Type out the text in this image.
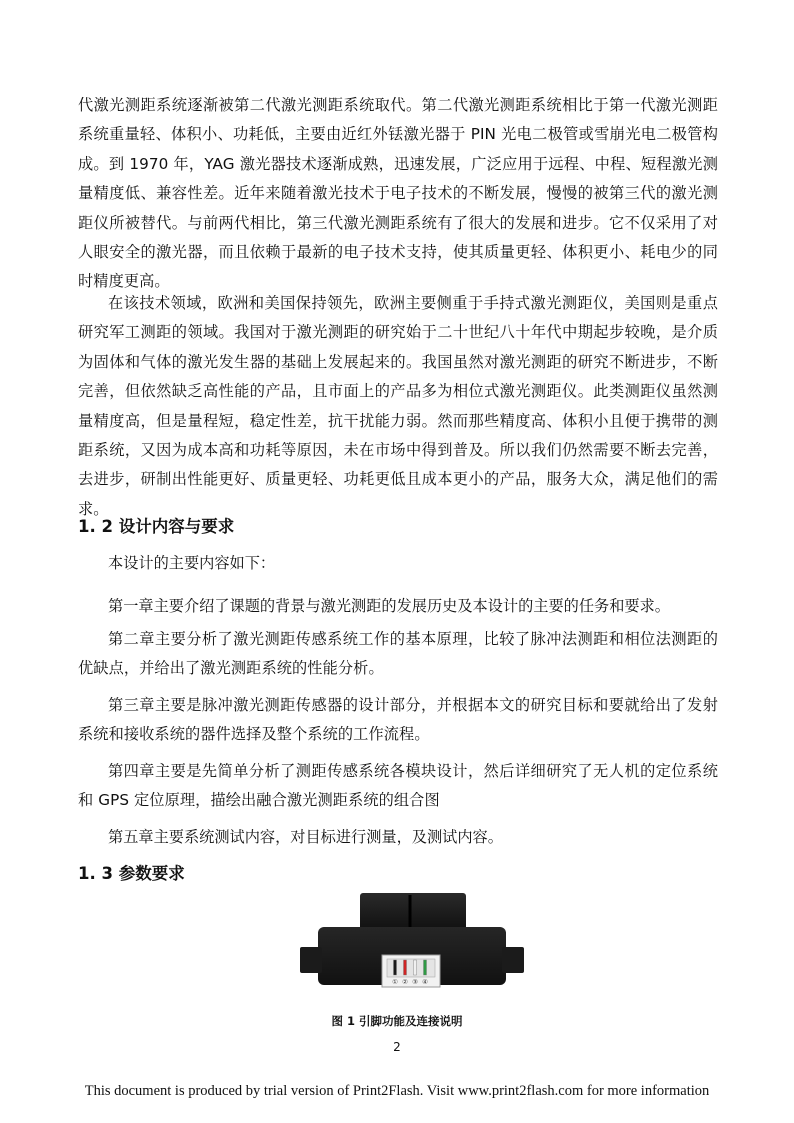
代激光测距系统逐渐被第二代激光测距系统取代。第二代激光测距系统相比于第一代激光测距系统重量轻、体积小、功耗低，主要由近红外铥激光器于 PIN 光电二极管或雪崩光电二极管构成。到 1970 年，YAG 激光器技术逐渐成熟，迅速发展，广泛应用于远程、中程、短程激光测量精度低、兼容性差。近年来随着激光技术于电子技术的不断发展，慢慢的被第三代的激光测距仪所被替代。与前两代相比，第三代激光测距系统有了很大的发展和进步。它不仅采用了对人眼安全的激光器，而且依赖于最新的电子技术支持，使其质量更轻、体积更小、耗电少的同时精度更高。

在该技术领域，欧洲和美国保持领先，欧洲主要侧重于手持式激光测距仪，美国则是重点研究军工测距的领域。我国对于激光测距的研究始于二十世纪八十年代中期起步较晚，是介质为固体和气体的激光发生器的基础上发展起来的。我国虽然对激光测距的研究不断进步，不断完善，但依然缺乏高性能的产品，且市面上的产品多为相位式激光测距仪。此类测距仪虽然测量精度高，但是量程短，稳定性差，抗干扰能力弱。然而那些精度高、体积小且便于携带的测距系统，又因为成本高和功耗等原因，未在市场中得到普及。所以我们仍然需要不断去完善，去进步，研制出性能更好、质量更轻、功耗更低且成本更小的产品，服务大众，满足他们的需求。

1. 2 设计内容与要求

本设计的主要内容如下：

第一章主要介绍了课题的背景与激光测距的发展历史及本设计的主要的任务和要求。

第二章主要分析了激光测距传感系统工作的基本原理，比较了脉冲法测距和相位法测距的优缺点，并给出了激光测距系统的性能分析。

第三章主要是脉冲激光测距传感器的设计部分，并根据本文的研究目标和要就给出了发射系统和接收系统的器件选择及整个系统的工作流程。

第四章主要是先简单分析了测距传感系统各模块设计，然后详细研究了无人机的定位系统和 GPS 定位原理，描绘出融合激光测距系统的组合图

第五章主要系统测试内容，对目标进行测量，及测试内容。

1. 3 参数要求
① ② ③ ④

图 1 引脚功能及连接说明

2

This document is produced by trial version of Print2Flash. Visit www.print2flash.com for more information
